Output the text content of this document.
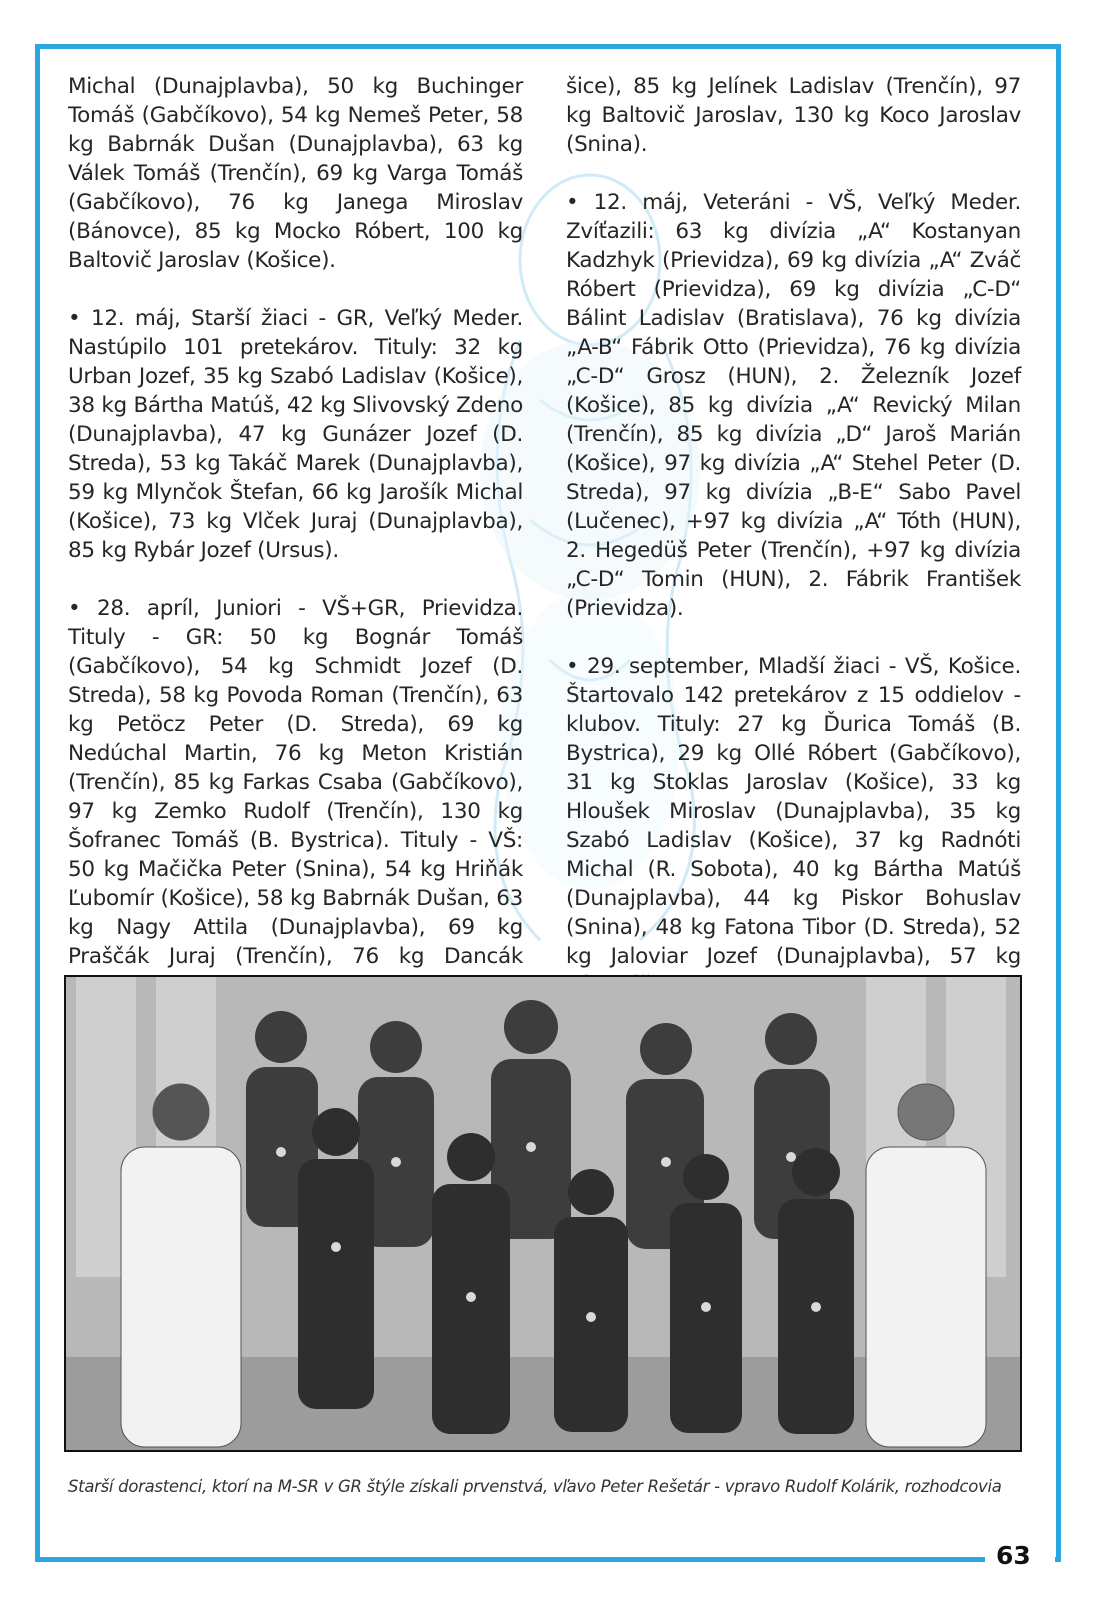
Michal (Dunajplavba), 50 kg Buchinger Tomáš (Gabčíkovo), 54 kg Nemeš Peter, 58 kg Babrnák Dušan (Dunajplavba), 63 kg Válek Tomáš (Trenčín), 69 kg Varga Tomáš (Gabčíkovo), 76 kg Janega Miroslav (Bánovce), 85 kg Mocko Róbert, 100 kg Baltovič Jaroslav (Košice).

• 12. máj, Starší žiaci - GR, Veľký Meder. Nastúpilo 101 pretekárov. Tituly: 32 kg Urban Jozef, 35 kg Szabó Ladislav (Košice), 38 kg Bártha Matúš, 42 kg Slivovský Zdeno (Dunajplavba), 47 kg Gunázer Jozef (D. Streda), 53 kg Takáč Marek (Dunajplavba), 59 kg Mlynčok Štefan, 66 kg Jarošík Michal (Košice), 73 kg Vlček Juraj (Dunajplavba), 85 kg Rybár Jozef (Ursus).

• 28. apríl, Juniori - VŠ+GR, Prievidza. Tituly - GR: 50 kg Bognár Tomáš (Gabčíkovo), 54 kg Schmidt Jozef (D. Streda), 58 kg Povoda Roman (Trenčín), 63 kg Petöcz Peter (D. Streda), 69 kg Nedúchal Martin, 76 kg Meton Kristián (Trenčín), 85 kg Farkas Csaba (Gabčíkovo), 97 kg Zemko Rudolf (Trenčín), 130 kg Šofranec Tomáš (B. Bystrica). Tituly - VŠ: 50 kg Mačička Peter (Snina), 54 kg Hriňák Ľubomír (Košice), 58 kg Babrnák Dušan, 63 kg Nagy Attila (Dunajplavba), 69 kg Praščák Juraj (Trenčín), 76 kg Dancák

šice), 85 kg Jelínek Ladislav (Trenčín), 97 kg Baltovič Jaroslav, 130 kg Koco Jaroslav (Snina).

• 12. máj, Veteráni - VŠ, Veľký Meder. Zvíťazili: 63 kg divízia „A“ Kostanyan Kadzhyk (Prievidza), 69 kg divízia „A“ Zváč Róbert (Prievidza), 69 kg divízia „C-D“ Bálint Ladislav (Bratislava), 76 kg divízia „A-B“ Fábrik Otto (Prievidza), 76 kg divízia „C-D“ Grosz (HUN), 2. Železník Jozef (Košice), 85 kg divízia „A“ Revický Milan (Trenčín), 85 kg divízia „D“ Jaroš Marián (Košice), 97 kg divízia „A“ Stehel Peter (D. Streda), 97 kg divízia „B-E“ Sabo Pavel (Lučenec), +97 kg divízia „A“ Tóth (HUN), 2. Hegedüš Peter (Trenčín), +97 kg divízia „C-D“ Tomin (HUN), 2. Fábrik František (Prievidza).

• 29. september, Mladší žiaci - VŠ, Košice. Štartovalo 142 pretekárov z 15 oddielov - klubov. Tituly: 27 kg Ďurica Tomáš (B. Bystrica), 29 kg Ollé Róbert (Gabčíkovo), 31 kg Stoklas Jaroslav (Košice), 33 kg Hloušek Miroslav (Dunajplavba), 35 kg Szabó Ladislav (Košice), 37 kg Radnóti Michal (R. Sobota), 40 kg Bártha Matúš (Dunajplavba), 44 kg Piskor Bohuslav (Snina), 48 kg Fatona Tibor (D. Streda), 52 kg Jaloviar Jozef (Dunajplavba), 57 kg

Starší dorastenci, ktorí na M-SR v GR štýle získali prvenstvá, vľavo Peter Rešetár - vpravo Rudolf Kolárik, rozhodcovia
63
